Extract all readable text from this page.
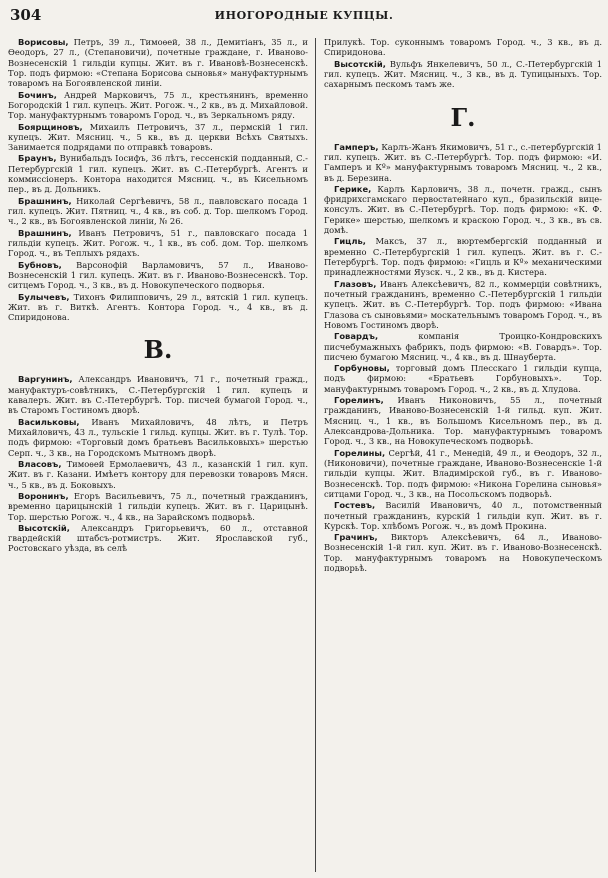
304	ИНОГОРОДНЫЕ КУПЦЫ.

Ворисовы, Петръ, 39 л., Тимоѳей, 38 л., Демитіанъ, 35 л., и Ѳеодоръ, 27 л., (Степановичи), почетные граждане, г. Иваново-Вознесенскій 1 гильдіи купцы. Жит. въ г. Ивановѣ-Вознесенскѣ. Тор. подъ фирмою: «Степана Борисова сыновья» мануфактурнымъ товаромъ на Богоявленской линіи.

Бочинъ, Андрей Марковичъ, 75 л., крестьянинъ, временно Богородскій 1 гил. купецъ. Жит. Рогож. ч., 2 кв., въ д. Михайловой. Тор. мануфактурнымъ товаромъ Город. ч., въ Зеркальномъ ряду.

Боярщиновъ, Михаилъ Петровичъ, 37 л., пермскій 1 гил. купецъ. Жит. Мясниц. ч., 5 кв., въ д. церкви Всѣхъ Святыхъ. Занимается подрядами по отправкѣ товаровъ.

Браунъ, Вунибальдъ Іосифъ, 36 лѣтъ, гессенскій подданный, С.-Петербургскій 1 гил. купецъ. Жит. въ С.-Петербургѣ. Агентъ и коммиссіонеръ. Контора находится Мясниц. ч., въ Кисельномъ пер., въ д. Дольникъ.

Брашнинъ, Николай Сергѣевичъ, 58 л., павловскаго посада 1 гил. купецъ. Жит. Пятниц. ч., 4 кв., въ соб. д. Тор. шелкомъ Город. ч., 2 кв., въ Богоявленской линіи, № 26.

Врашнинъ, Иванъ Петровичъ, 51 г., павловскаго посада 1 гильдіи купецъ. Жит. Рогож. ч., 1 кв., въ соб. дом. Тор. шелкомъ Город. ч., въ Теплыхъ рядахъ.

Бубновъ, Варсонофій Варламовичъ, 57 л., Иваново-Вознесенскій 1 гил. купецъ. Жит. въ г. Иваново-Вознесенскѣ. Тор. ситцемъ Город. ч., 3 кв., въ д. Новокупеческого подворья.

Булычевъ, Тихонъ Филипповичъ, 29 л., вятскій 1 гил. купецъ. Жит. въ г. Виткѣ. Агентъ. Контора Город. ч., 4 кв., въ д. Спиридонова.

В.

Варгунинъ, Александръ Ивановичъ, 71 г., почетный гражд., мануфактуръ-совѣтникъ, С.-Петербургскій 1 гил. купецъ и кавалеръ. Жит. въ С.-Петербургѣ. Тор. писчей бумагой Город. ч., въ Старомъ Гостиномъ дворѣ.

Васильковы, Иванъ Михайловичъ, 48 лѣтъ, и Петръ Михайловичъ, 43 л., тульскіе 1 гильд. купцы. Жит. въ г. Тулѣ. Тор. подъ фирмою: «Торговый домъ братьевъ Васильковыхъ» шерстью Серп. ч., 3 кв., на Городскомъ Мытномъ дворѣ.

Власовъ, Тимоѳей Ермолаевичъ, 43 л., казанскій 1 гил. куп. Жит. въ г. Казани. Имѣетъ контору для перевозки товаровъ Мясн. ч., 5 кв., въ д. Боковыхъ.

Воронинъ, Егоръ Васильевичъ, 75 л., почетный гражданинъ, временно царицынскій 1 гильдіи купецъ. Жит. въ г. Царицынѣ. Тор. шерстью Рогож. ч., 4 кв., на Зарайскомъ подворьѣ.

Высотскій, Александръ Григорьевичъ, 60 л., отставной гвардейскій штабсъ-ротмистръ. Жит. Ярославской губ., Ростовскаго уѣзда, въ селѣ

Прилукѣ. Тор. суконнымъ товаромъ Город. ч., 3 кв., въ д. Спиридонова.

Высотскій, Вульфъ Янкелевичъ, 50 л., С.-Петербургскій 1 гил. купецъ. Жит. Мясниц. ч., 3 кв., въ д. Тупицыныхъ. Тор. сахарнымъ пескомъ тамъ же.

Г.

Гамперъ, Карлъ-Жанъ Якимовичъ, 51 г., с.-петербургскій 1 гил. купецъ. Жит. въ С.-Петербургѣ. Тор. подъ фирмою: «И. Гамперъ и Кº» мануфактурнымъ товаромъ Мясниц. ч., 2 кв., въ д. Березина.

Герике, Карлъ Карловичъ, 38 л., почетн. гражд., сынъ фридрихсгамскаго первостатейнаго куп., бразильскій вице-консулъ. Жит. въ С.-Петербургѣ. Тор. подъ фирмою: «К. Ф. Герике» шерстью, шелкомъ и краскою Город. ч., 3 кв., въ св. домѣ.

Гицль, Максъ, 37 л., вюртембергскій подданный и временно С.-Петербургскій 1 гил. купецъ. Жит. въ г. С.-Петербургѣ. Тор. подъ фирмою: «Гицль и Кº» механическими принадлежностями Яузск. ч., 2 кв., въ д. Кистера.

Глазовъ, Иванъ Алексѣевичъ, 82 л., коммерціи совѣтникъ, почетный гражданинъ, временно С.-Петербургскій 1 гильдіи купецъ. Жит. въ С.-Петербургѣ. Тор. подъ фирмою: «Ивана Глазова съ сыновьями» москательнымъ товаромъ Город. ч., въ Новомъ Гостиномъ дворѣ.

Говардъ,	компанія Троицко-Кондровскихъ писчебумажныхъ фабрикъ, подъ фирмою: «В. Говардъ». Тор. писчею бумагою Мясниц. ч., 4 кв., въ д. Шнауберта.

Горбуновы, торговый домъ Плесскаго 1 гильдіи купца, подъ фирмою: «Братьевъ Горбуновыхъ». Тор. мануфактурнымъ товаромъ Город. ч., 2 кв., въ д. Хлудова.

Горелинъ, Иванъ Никоновичъ, 55 л., почетный гражданинъ, Иваново-Вознесенскій 1-й гильд. куп. Жит. Мясниц. ч., 1 кв., въ Большомъ Кисельномъ пер., въ д. Александрова-Дольника. Тор. мануфактурнымъ товаромъ Город. ч., 3 кв., на Новокупеческомъ подворьѣ.

Горелины, Сергѣй, 41 г., Менедій, 49 л., и Ѳеодоръ, 32 л., (Никоновичи), почетные граждане, Иваново-Вознесенскіе 1-й гильдіи купцы. Жит. Владимірской губ., въ г. Иваново-Вознесенскѣ. Тор. подъ фирмою: «Никона Горелина сыновья» ситцами Город. ч., 3 кв., на Посольскомъ подворьѣ.

Гостевъ, Василій Ивановичъ, 40 л., потомственный почетный гражданинъ, курскій 1 гильдіи куп. Жит. въ г. Курскѣ. Тор. хлѣбомъ Рогож. ч., въ домѣ Прокина.

Грачинъ, Викторъ Алексѣевичъ, 64 л., Иваново-Вознесенскій 1-й гил. куп. Жит. въ г. Иваново-Вознесенскѣ. Тор. мануфактурнымъ товаромъ на Новокупеческомъ подворьѣ.
